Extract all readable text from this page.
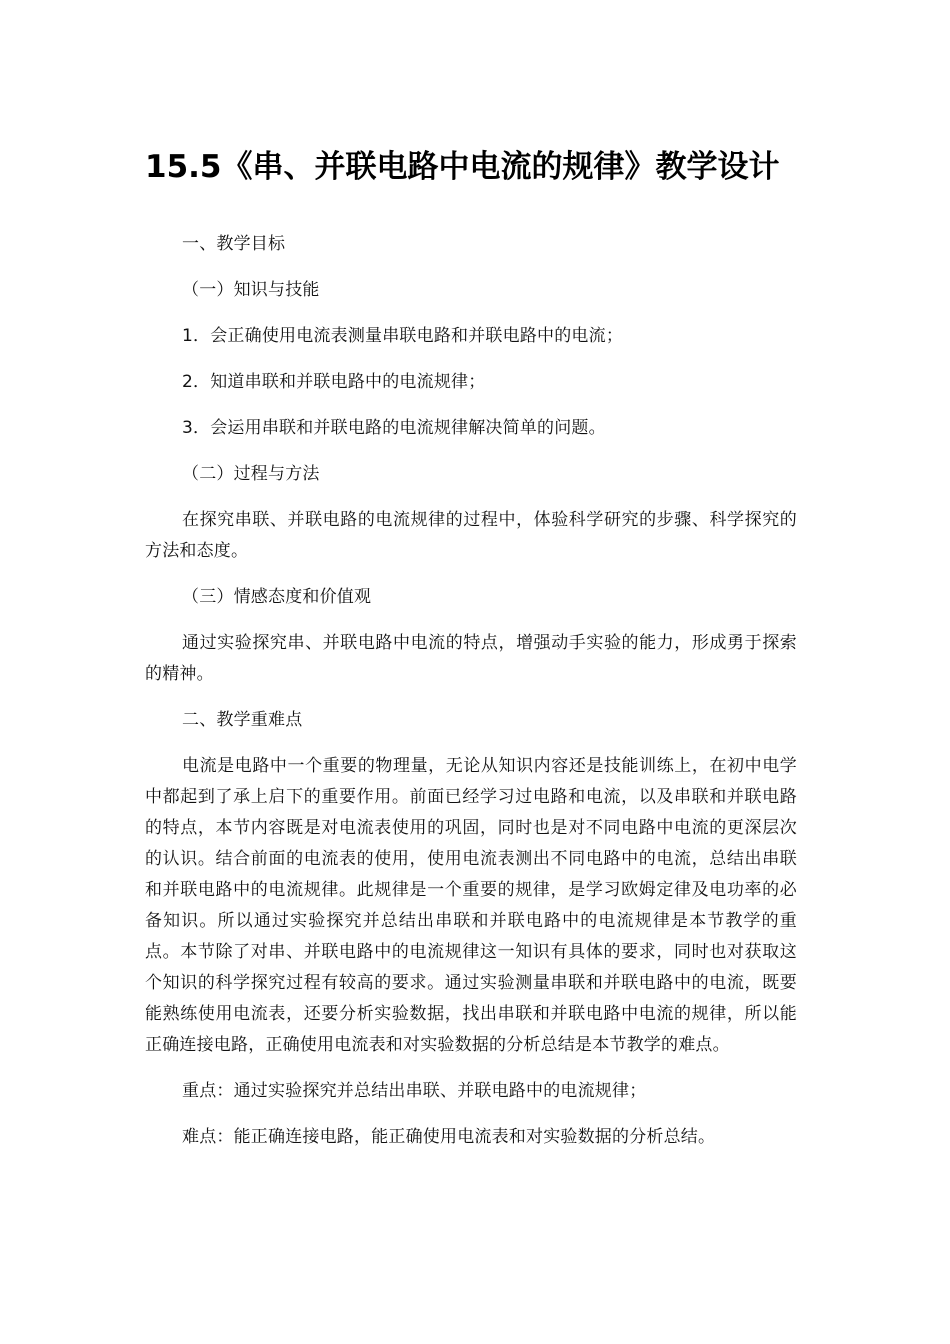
15.5《串、并联电路中电流的规律》教学设计

一、教学目标

（一）知识与技能

1．会正确使用电流表测量串联电路和并联电路中的电流；

2．知道串联和并联电路中的电流规律；

3．会运用串联和并联电路的电流规律解决简单的问题。

（二）过程与方法

在探究串联、并联电路的电流规律的过程中，体验科学研究的步骤、科学探究的方法和态度。

（三）情感态度和价值观

通过实验探究串、并联电路中电流的特点，增强动手实验的能力，形成勇于探索的精神。

二、教学重难点

电流是电路中一个重要的物理量，无论从知识内容还是技能训练上，在初中电学中都起到了承上启下的重要作用。前面已经学习过电路和电流，以及串联和并联电路的特点，本节内容既是对电流表使用的巩固，同时也是对不同电路中电流的更深层次的认识。结合前面的电流表的使用，使用电流表测出不同电路中的电流，总结出串联和并联电路中的电流规律。此规律是一个重要的规律，是学习欧姆定律及电功率的必备知识。所以通过实验探究并总结出串联和并联电路中的电流规律是本节教学的重点。本节除了对串、并联电路中的电流规律这一知识有具体的要求，同时也对获取这个知识的科学探究过程有较高的要求。通过实验测量串联和并联电路中的电流，既要能熟练使用电流表，还要分析实验数据，找出串联和并联电路中电流的规律，所以能正确连接电路，正确使用电流表和对实验数据的分析总结是本节教学的难点。

重点：通过实验探究并总结出串联、并联电路中的电流规律；

难点：能正确连接电路，能正确使用电流表和对实验数据的分析总结。
